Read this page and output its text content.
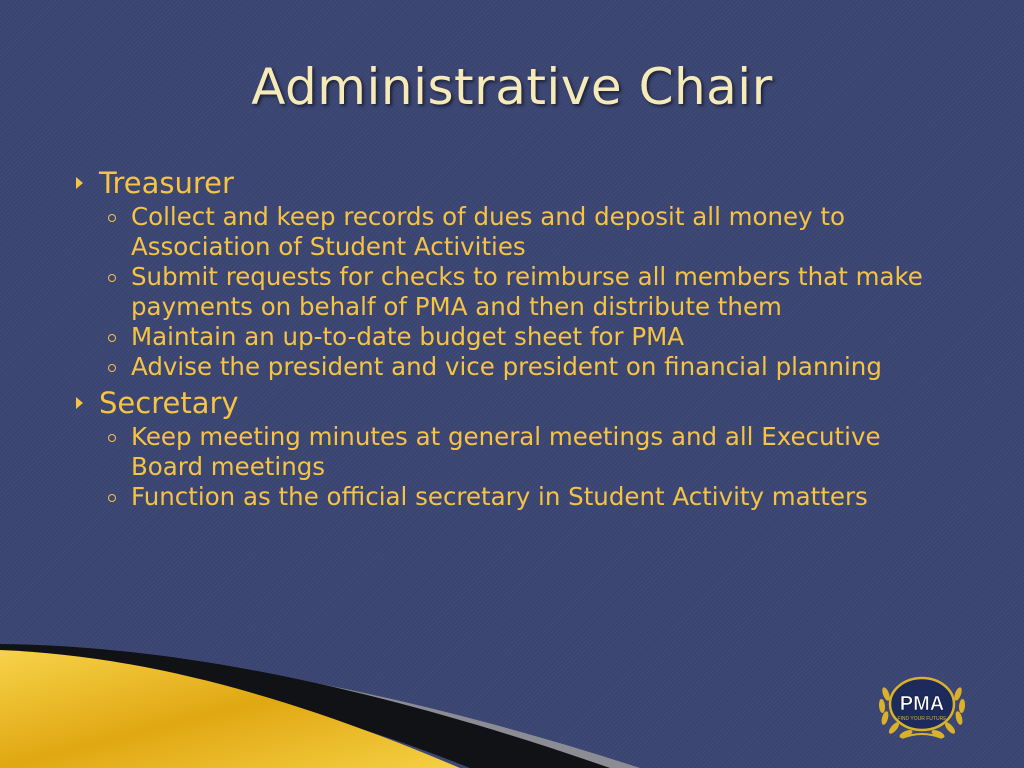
Administrative Chair
Treasurer
Collect and keep records of dues and deposit all money to Association of Student Activities
Submit requests for checks to reimburse all members that make payments on behalf of PMA and then distribute them
Maintain an up-to-date budget sheet for PMA
Advise the president and vice president on financial planning
Secretary
Keep meeting minutes at general meetings and all Executive Board meetings
Function as the official secretary in Student Activity matters
PMA
FIND YOUR FUTURE
